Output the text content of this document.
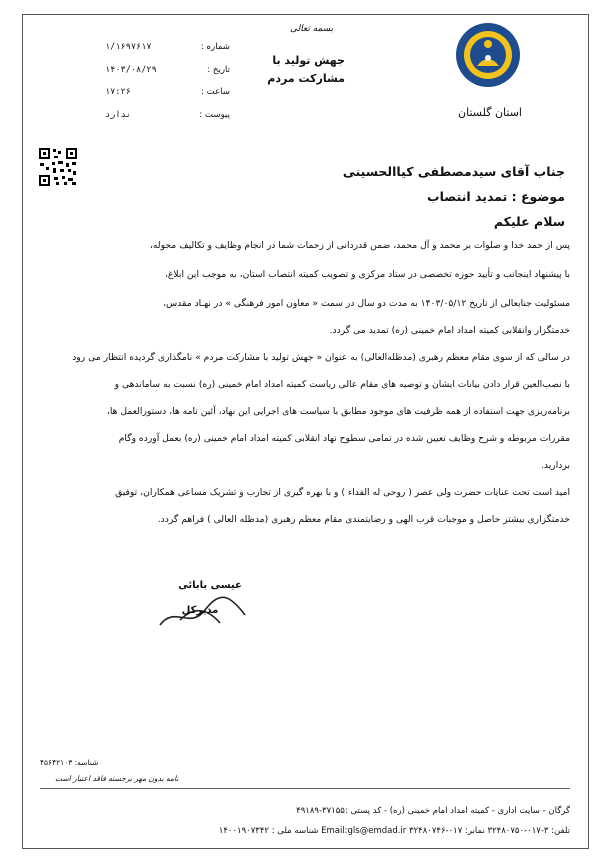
استان گلستان
بسمه تعالی
جهش تولید با
مشارکت مردم
۱/۱۶۹۷۶۱۷	شماره :
۱۴۰۳/۰۸/۲۹	تاریخ :
۱۷:۲۶	ساعت :
ندارد	پیوست :
جناب آقای سیدمصطفی کیاالحسینی
موضوع : تمدید انتصاب
سلام علیکم
پس از حمد خدا و صلوات بر محمد و آل محمد، ضمن قدردانی از زحمات شما در انجام وظایف و تکالیف محوله،
با پیشنهاد اینجانب و تأیید حوزه تخصصی در ستاد مرکزی و تصویب کمیته انتصاب استان، به موجب این ابلاغ،
مسئولیت جنابعالی از تاریخ ۱۴۰۳/۰۵/۱۲ به مدت دو سال در سمت « معاون امور فرهنگی » در نهـاد مقدس،
خدمتگزار وانقلابی کمیته امداد امام خمینی (ره) تمدید می گردد.
در سالی که از سوی مقام معظم رهبری (مدظله‌العالی) به عنوان « جهش تولید با مشارکت مردم » نامگذاری گردیده انتظار می رود
با نصب‌العین قرار دادن بیانات ایشان و توصیه های مقام عالی ریاست کمیته امداد امام خمینی (ره) نسبت به ساماندهی و
برنامه‌ریزی جهت استفاده از همه ظرفیت های موجود مطابق با سیاست های اجرایی این نهاد، آئین نامه ها، دستورالعمل ها،
مقررات مربوطه و شرح وظایف تعیین شده در تمامی سطوح نهاد انقلابی کمیته امداد امام خمینی (ره) بعمل آورده وگام
بردارید.
امید است تحت عنایات حضرت ولی عصر ( روحی له الفداء ) و با بهره گیری از تجارب و تشریک مساعی همکاران، توفیق
خدمتگزاری بیشتر حاصل و موجبات قرب الهی و رضایتمندی مقام معظم رهبری (مدظله العالی ) فراهم گردد.
عیسی بابائی
مدیرکل
شناسه: ۴۵۶۴۲۱۰۳
نامه بدون مهر برجسته فاقد اعتبار است
گرگان - سایت اداری - کمیته امداد امام خمینی (ره) - کد پستی :۳۷۱۵۵-۴۹۱۸۹
تلفن: ۳-۰۱۷-۳۲۴۸۰۷۵۰ نمابر: ۰۱۷-۳۲۴۸۰۷۴۶ Email:gls@emdad.ir شناسه ملی : ۱۴۰۰۱۹۰۷۳۴۲
